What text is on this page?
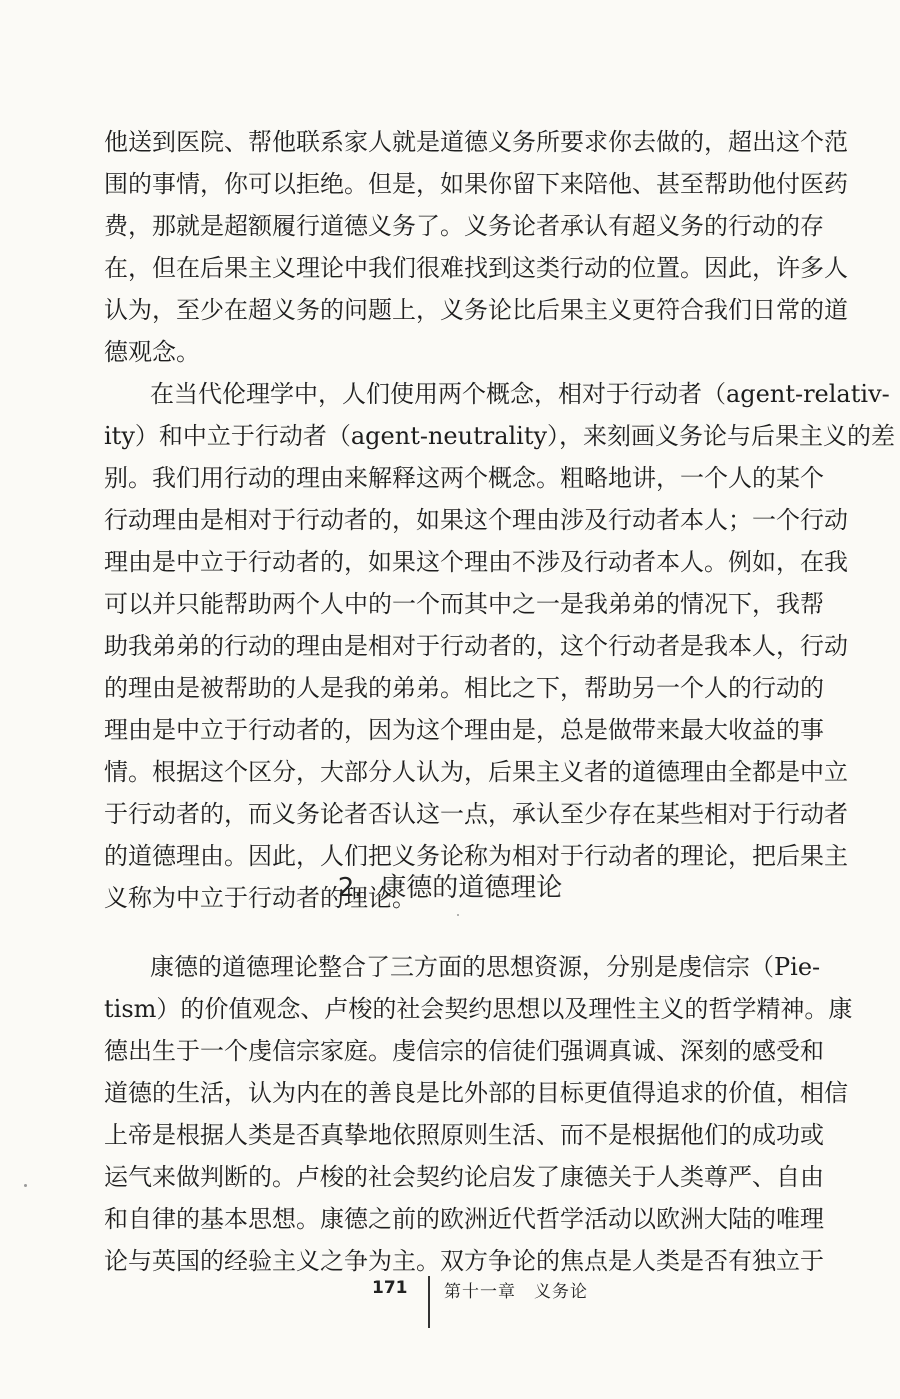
他送到医院、帮他联系家人就是道德义务所要求你去做的，超出这个范
围的事情，你可以拒绝。但是，如果你留下来陪他、甚至帮助他付医药
费，那就是超额履行道德义务了。义务论者承认有超义务的行动的存
在，但在后果主义理论中我们很难找到这类行动的位置。因此，许多人
认为，至少在超义务的问题上，义务论比后果主义更符合我们日常的道
德观念。
在当代伦理学中，人们使用两个概念，相对于行动者（agent-relativ-
ity）和中立于行动者（agent-neutrality），来刻画义务论与后果主义的差
别。我们用行动的理由来解释这两个概念。粗略地讲，一个人的某个
行动理由是相对于行动者的，如果这个理由涉及行动者本人；一个行动
理由是中立于行动者的，如果这个理由不涉及行动者本人。例如，在我
可以并只能帮助两个人中的一个而其中之一是我弟弟的情况下，我帮
助我弟弟的行动的理由是相对于行动者的，这个行动者是我本人，行动
的理由是被帮助的人是我的弟弟。相比之下，帮助另一个人的行动的
理由是中立于行动者的，因为这个理由是，总是做带来最大收益的事
情。根据这个区分，大部分人认为，后果主义者的道德理由全都是中立
于行动者的，而义务论者否认这一点，承认至少存在某些相对于行动者
的道德理由。因此，人们把义务论称为相对于行动者的理论，把后果主
义称为中立于行动者的理论。
2．康德的道德理论
康德的道德理论整合了三方面的思想资源，分别是虔信宗（Pie-
tism）的价值观念、卢梭的社会契约思想以及理性主义的哲学精神。康
德出生于一个虔信宗家庭。虔信宗的信徒们强调真诚、深刻的感受和
道德的生活，认为内在的善良是比外部的目标更值得追求的价值，相信
上帝是根据人类是否真挚地依照原则生活、而不是根据他们的成功或
运气来做判断的。卢梭的社会契约论启发了康德关于人类尊严、自由
和自律的基本思想。康德之前的欧洲近代哲学活动以欧洲大陆的唯理
论与英国的经验主义之争为主。双方争论的焦点是人类是否有独立于
171 第十一章　义务论
